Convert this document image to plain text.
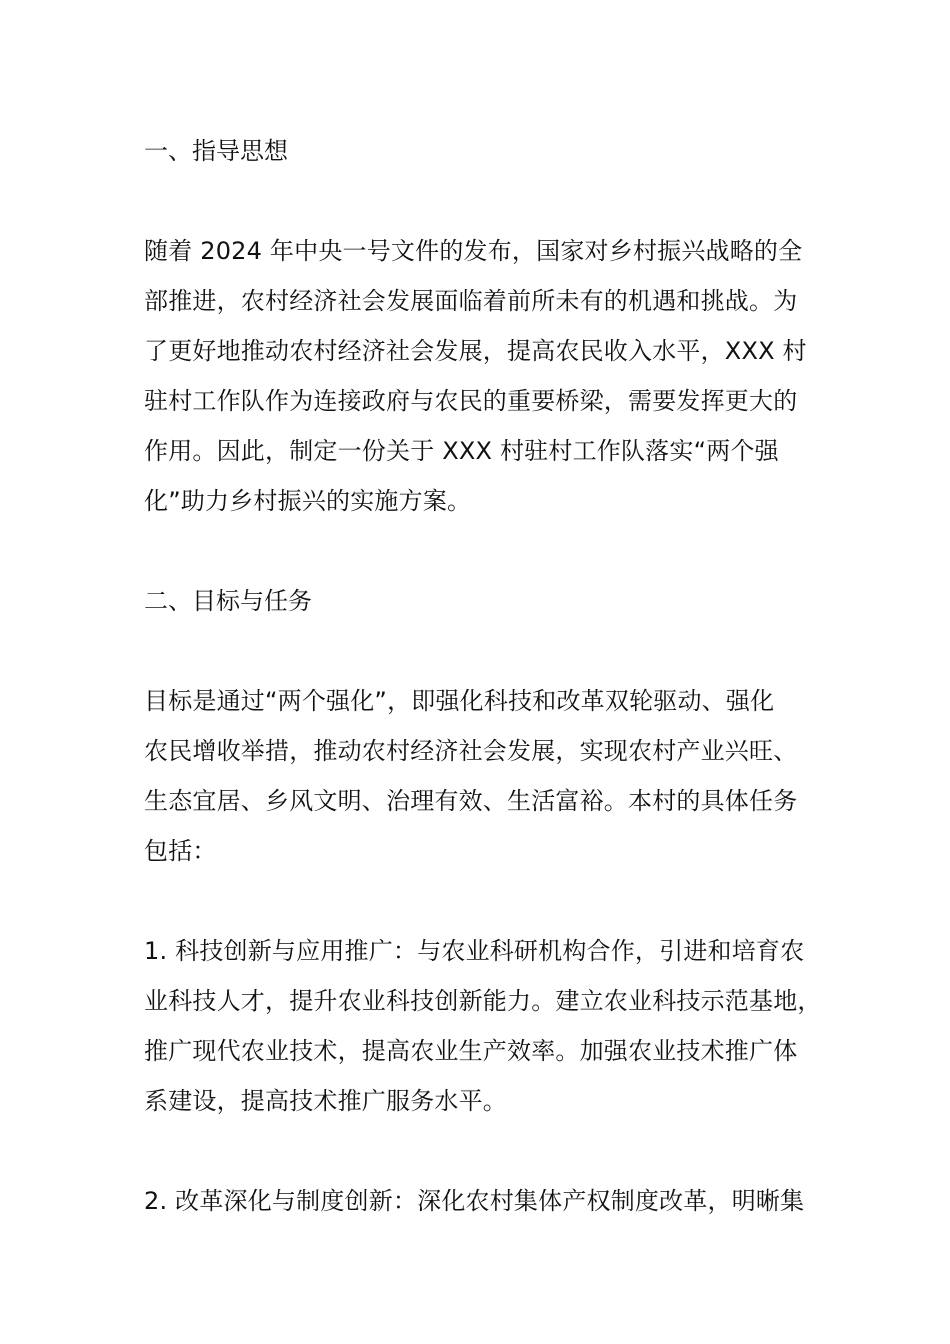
一、指导思想
随着 2024 年中央一号文件的发布，国家对乡村振兴战略的全
部推进，农村经济社会发展面临着前所未有的机遇和挑战。为
了更好地推动农村经济社会发展，提高农民收入水平，XXX 村
驻村工作队作为连接政府与农民的重要桥梁，需要发挥更大的
作用。因此，制定一份关于 XXX 村驻村工作队落实“两个强
化”助力乡村振兴的实施方案。
二、目标与任务
目标是通过“两个强化”，即强化科技和改革双轮驱动、强化
农民增收举措，推动农村经济社会发展，实现农村产业兴旺、
生态宜居、乡风文明、治理有效、生活富裕。本村的具体任务
包括：
1. 科技创新与应用推广：与农业科研机构合作，引进和培育农
业科技人才，提升农业科技创新能力。建立农业科技示范基地，
推广现代农业技术，提高农业生产效率。加强农业技术推广体
系建设，提高技术推广服务水平。
2. 改革深化与制度创新：深化农村集体产权制度改革，明晰集
